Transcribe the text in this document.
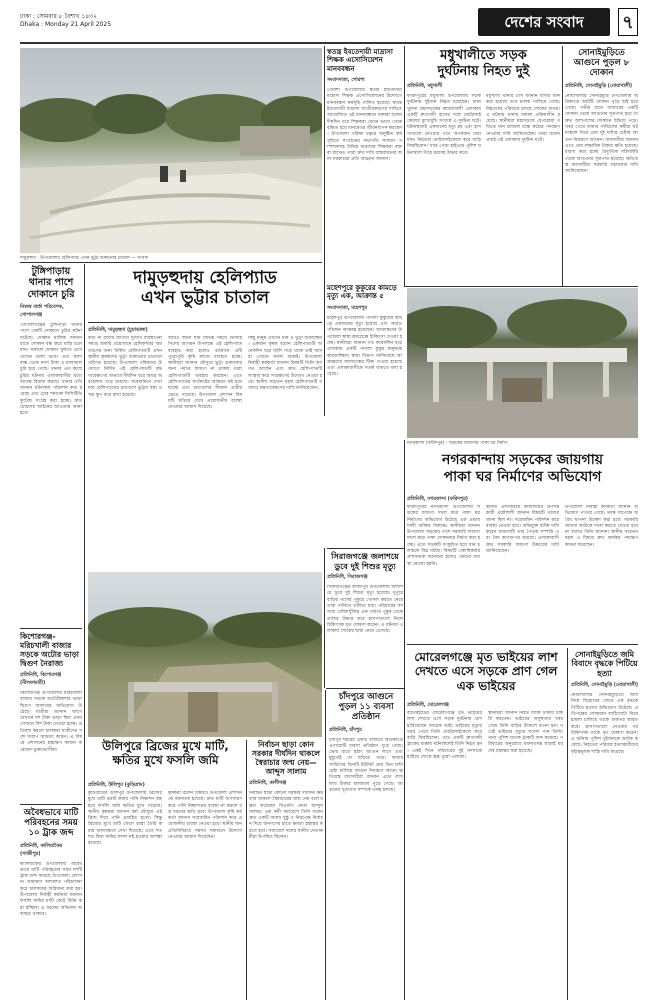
ঢাকা : সোমবার ৮ বৈশাখ ১৪৩২
Dhaka : Monday 21 April 2025	দেশের সংবাদ	৭
দামুড়হুদা : উপজেলার হেলিপ্যাড এখন ভুট্টা শুকানোর চাতাল — সংবাদ
স্বতন্ত্র ইবতেদায়ী মাদ্রাসা শিক্ষক এসোসিয়েশন মানববন্ধন
সংবাদদাতা, পোরশা
পোরশা উপজেলার স্বতন্ত্র ইবতেদায়ী মাদ্রাসা শিক্ষক এসোসিয়েশনের উদ্যোগে মানববন্ধন কর্মসূচি পালিত হয়েছে। স্বতন্ত্র ইবতেদায়ী মাদ্রাসা জাতীয়করণের দাবিতে আয়োজিত এই মানববন্ধনে বক্তারা বলেন দীর্ঘদিন ধরে শিক্ষকরা বেতন ভাতা থেকে বঞ্চিত হয়ে মানবেতর জীবনযাপন করছেন। উপজেলা পরিষদ চত্বরে অনুষ্ঠিত কর্মসূচিতে সংগঠনের সভাপতি সাধারণ সম্পাদকসহ বিভিন্ন মাদ্রাসার শিক্ষকরা বক্তব্য রাখেন। তারা দ্রুত দাবি বাস্তবায়নের জন্য সরকারের প্রতি আহ্বান জানান।
মহেশপুরে কুকুরের কামড়ে মৃত্যু এক, আক্রান্ত ৫
সংবাদদাতা, মহেশপুর
মহেশপুর উপজেলায় পাগলা কুকুরের কামড়ে একজনের মৃত্যু হয়েছে এবং আরও পাঁচজন আক্রান্ত হয়েছেন। আক্রান্তদের উপজেলা স্বাস্থ্য কমপ্লেক্সে চিকিৎসা দেওয়া হচ্ছে। স্থানীয়রা জানান গত কয়েকদিন ধরে এলাকায় একটি পাগলা কুকুর মানুষকে কামড়াচ্ছিল। স্বাস্থ্য বিভাগ জানিয়েছে আক্রান্তদের জলাতঙ্কের টিকা দেওয়া হয়েছে এবং এলাকাবাসীকে সতর্ক থাকতে বলা হয়েছে।
মধুখালীতে সড়ক
দুর্ঘটনায় নিহত দুই
প্রতিনিধি, মধুখালী
ফরিদপুরের মধুখালী উপজেলায় সড়ক দুর্ঘটনায় দুইজন নিহত হয়েছেন। ঢাকা খুলনা মহাসড়কের কামারখালী এলাকায় একটি দ্রুতগামী বাসের সঙ্গে মোটরসাইকেলের মুখোমুখি সংঘর্ষে এ দুর্ঘটনা ঘটে। ঘটনাস্থলেই একজনের মৃত্যু হয় এবং হাসপাতালে নেওয়ার পথে অপরজন মারা যান। নিহতরা মোটরসাইকেলে করে বাড়ি ফিরছিলেন। খবর পেয়ে হাইওয়ে পুলিশ ঘটনাস্থলে গিয়ে মরদেহ উদ্ধার করে।
মধুখালী থানার ওসি জানান বাসটি জব্দ করা হয়েছে তবে চালক পালিয়ে গেছে। নিহতদের পরিবারে চলছে শোকের মাতম। এ ঘটনায় থানায় মামলা প্রক্রিয়াধীন রয়েছে। স্থানীয়রা মহাসড়কে বেপরোয়া গতিতে যান চলাচল বন্ধে কঠোর পদক্ষেপ নেওয়ার দাবি জানিয়েছেন। তারা বলেন প্রায়ই এই এলাকায় দুর্ঘটনা ঘটে।
সোনাইমুড়িতে আগুনে পুড়ল ৮ দোকান
প্রতিনিধি, সোনাইমুড়ি (নোয়াখালী)
নোয়াখালীর সোনাইমুড়ি উপজেলায় অগ্নিকাণ্ডে আটটি দোকান পুড়ে ছাই হয়ে গেছে। গভীর রাতে বাজারের একটি দোকান থেকে আগুনের সূত্রপাত হয়ে তা দ্রুত আশপাশের দোকানে ছড়িয়ে পড়ে। খবর পেয়ে ফায়ার সার্ভিসের কর্মীরা ঘটনাস্থলে গিয়ে প্রায় দুই ঘণ্টার চেষ্টায় আগুন নিয়ন্ত্রণে আনেন। ব্যবসায়ীরা জানান এতে প্রায় লক্ষাধিক টাকার ক্ষতি হয়েছে। ধারণা করা হচ্ছে বৈদ্যুতিক শর্টসার্কিট থেকে আগুনের সূত্রপাত হয়েছে। ক্ষতিগ্রস্ত ব্যবসায়ীরা সরকারি সহায়তার দাবি জানিয়েছেন।
দামুড়হুদায় হেলিপ্যাড
এখন ভুট্টার চাতাল
প্রতিনিধি, দামুড়হুদা (চুয়াডাঙ্গা)
কথা না রাখার জাতীয় দুর্যোগ ব্যবস্থাপনা সময়ে জরুরি প্রয়োজনে হেলিকপ্টার অবতরণের জন্য নির্মিত হেলিপ্যাডটি এখন স্থানীয় কৃষকদের ভুট্টা শুকানোর চাতালে পরিণত হয়েছে। উপজেলা পরিষদের উদ্যোগে নির্মিত এই হেলিপ্যাডটি রক্ষণাবেক্ষণের অভাবে দীর্ঘদিন ধরে অযত্ন অবহেলায় পড়ে রয়েছে। সরেজমিনে দেখা যায় হেলিপ্যাডের চারপাশে ভুট্টার বস্তা ও খড় স্তূপ করে রাখা হয়েছে।
আরও জানা যায় বিভিন্ন সময়ে ভিআইপিদের আগমন উপলক্ষে এই হেলিপ্যাড ব্যবহার করা হলেও বর্তমানে এটি পুরোপুরি কৃষি কাজে ব্যবহৃত হচ্ছে। স্থানীয়রা জানান মৌসুমে ভুট্টা শুকানোর জন্য পর্যাপ্ত জায়গা না থাকায় তারা হেলিপ্যাডটি ব্যবহার করছেন। এতে হেলিপ্যাডের কংক্রিটের আস্তরণ নষ্ট হয়ে যাচ্ছে এবং চারপাশের সীমানা প্রাচীর ভেঙে পড়েছে। উপজেলা প্রশাসন বিষয়টি খতিয়ে দেখে প্রয়োজনীয় ব্যবস্থা নেওয়ার আশ্বাস দিয়েছে।
কিছু মানুষ এখানে ধান ও ভুট্টা শুকাচ্ছেন। একজন কৃষক বলেন হেলিপ্যাডটি অনেকদিন ধরে খালি পড়ে থাকে তাই আমরা এখানে ফসল শুকাই। উপজেলা নির্বাহী কর্মকর্তা জানান বিষয়টি তিনি অবগত আছেন এবং দ্রুত হেলিপ্যাডটি সংস্কার করে সংরক্ষণের উদ্যোগ নেওয়া হবে। স্থানীয় সচেতন মহল হেলিপ্যাডটি যথাযথ রক্ষণাবেক্ষণের দাবি জানিয়েছেন।
টুঙ্গিপাড়ায় থানার পাশে দোকানে চুরি
নিজস্ব বার্তা পরিবেশক, গোপালগঞ্জ
গোপালগঞ্জের টুঙ্গিপাড়া থানার পাশে একটি দোকানে চুরির ঘটনা ঘটেছে। দোকান মালিক জানান রাতে দোকান বন্ধ করে বাড়ি চলে যান। সকালে দোকান খুলতে এসে দেখেন তালা ভাঙা এবং ক্যাশ বাক্স থেকে নগদ টাকা ও মালামাল চুরি হয়ে গেছে। থানার এত কাছে চুরির ঘটনায় এলাকাবাসীর মধ্যে আতঙ্ক বিরাজ করছে। থানার ওসি জানান ঘটনাস্থল পরিদর্শন করা হয়েছে এবং চোর শনাক্তে সিসিটিভি ফুটেজ সংগ্রহ করা হচ্ছে। দ্রুত চোরদের আইনের আওতায় আনা হবে।
কিশোরগঞ্জ-মরিচখালী বাজার সড়কে অটোর ভাড়া দ্বিগুণ নৈরাজ্য
প্রতিনিধি, কিশোরগঞ্জ (নীলফামারী)
কিশোরগঞ্জ উপজেলার মরিচখালী বাজার সড়কে অটোরিকশার ভাড়া দ্বিগুণ আদায়ের অভিযোগ উঠেছে। যাত্রীরা জানান আগে যেখানে দশ টাকা ভাড়া ছিল এখন সেখানে বিশ টাকা নেওয়া হচ্ছে। প্রতিবাদ করলে চালকরা যাত্রীদের সঙ্গে খারাপ আচরণ করেন। এ বিষয়ে প্রশাসনের হস্তক্ষেপ কামনা করেছেন ভুক্তভোগীরা।
অবৈধভাবে মাটি পরিবহনের সময় ১০ ট্রাক জব্দ
প্রতিনিধি, কালিয়াকৈর (গাজীপুর)
কালিয়াকৈর উপজেলায় অবৈধভাবে মাটি পরিবহনের সময় দশটি ট্রাক জব্দ করেছে উপজেলা প্রশাসন। ভ্রাম্যমাণ আদালত পরিচালনা করে চালকদের জরিমানা করা হয়। উপজেলা নির্বাহী কর্মকর্তা জানান ফসলি জমির মাটি কেটে বিক্রি করা হচ্ছিল। এ ধরনের অভিযান অব্যাহত থাকবে।
নগরকান্দা (ফরিদপুর) : সড়কের জায়গায় পাকা ঘর নির্মাণ
নগরকান্দায় সড়কের জায়গায়
পাকা ঘর নির্মাণের অভিযোগ
প্রতিনিধি, নগরকান্দা (ফরিদপুর)
ফরিদপুরের নগরকান্দা উপজেলায় সড়কের জায়গা দখল করে পাকা ঘর নির্মাণের অভিযোগ উঠেছে এক প্রভাবশালী ব্যক্তির বিরুদ্ধে। স্থানীয়রা জানান উপজেলা সড়কের পাশে সরকারি জায়গা দখল করে পাকা দোকানঘর নির্মাণ করা হচ্ছে। এতে সড়কটি সংকুচিত হয়ে যান চলাচলে বিঘ্ন ঘটছে। বিষয়টি একাধিকবার প্রশাসনকে জানানো হলেও কোনো ব্যবস্থা নেওয়া হয়নি।
স্থানীয় এলজিইডি কার্যালয়ের উপসহকারী প্রকৌশলী জানান বিষয়টি তাদের জানা ছিল না। সরেজমিন পরিদর্শন করে ব্যবস্থা নেওয়া হবে। অভিযুক্ত ব্যক্তি দাবি করেন জায়গাটি তার পৈতৃক সম্পত্তি এবং বৈধ কাগজপত্র রয়েছে। এলাকাবাসী দ্রুত সরকারি জায়গা উদ্ধারের দাবি জানিয়েছেন।
উপজেলা নির্বাহী কর্মকর্তা জানান অভিযোগ পাওয়া গেছে। তদন্ত সাপেক্ষে অবৈধ স্থাপনা উচ্ছেদ করা হবে। সরকারি জায়গা কাউকে দখল করতে দেওয়া হবে না বলেও তিনি জানান। স্থানীয় সচেতন মহল এ বিষয়ে দ্রুত কার্যকর পদক্ষেপ কামনা করেছেন।
সিরাজগঞ্জে জলাশয়ে ডুবে দুই শিশুর মৃত্যু
প্রতিনিধি, সিরাজগঞ্জ
সিরাজগঞ্জের কাজীপুর উপজেলায় জলাশয়ে ডুবে দুই শিশুর মৃত্যু হয়েছে। দুপুরে বাড়ির পাশের পুকুরে গোসল করতে নেমে তারা পানিতে তলিয়ে যায়। পরিবারের সদস্যরা খোঁজাখুঁজির এক পর্যায়ে পুকুর থেকে তাদের উদ্ধার করে হাসপাতালে নিলে চিকিৎসক মৃত ঘোষণা করেন। এ ঘটনায় এলাকায় শোকের ছায়া নেমে এসেছে।
উলিপুরে ব্রিজের মুখে মাটি, ক্ষতির মুখে ফসলি জমি
প্রতিনিধি, উলিপুর (কুড়িগ্রাম)
কুড়িগ্রামের উলিপুর উপজেলায় ব্রিজের মুখে মাটি ভরাট করায় পানি নিষ্কাশন বন্ধ হয়ে ফসলি জমি ক্ষতির মুখে পড়েছে। স্থানীয় কৃষকরা জানান বর্ষা মৌসুমে এই ব্রিজ দিয়ে পানি প্রবাহিত হতো। কিন্তু ব্রিজের মুখে মাটি ফেলে রাস্তা তৈরি করায় জলাবদ্ধতা দেখা দিয়েছে। এতে শত শত বিঘা জমির ফসল নষ্ট হওয়ার আশঙ্কা রয়েছে।
কৃষকরা বলেন বিষয়টি উপজেলা প্রশাসনকে জানানো হয়েছে। দ্রুত মাটি অপসারণ করে পানি নিষ্কাশনের ব্যবস্থা না করলে বড় ধরনের ক্ষতি হবে। উপজেলা কৃষি কর্মকর্তা জানান সরেজমিন পরিদর্শন করে প্রয়োজনীয় ব্যবস্থা নেওয়া হবে। স্থানীয় জনপ্রতিনিধিরাও সমস্যা সমাধানে উদ্যোগ নেওয়ার আশ্বাস দিয়েছেন।
নির্বাচন ছাড়া কোন সরকার দীর্ঘদিন থাকলে স্বৈরাচার জন্ম নেয়—আব্দুস সালাম
প্রতিনিধি, কালীগঞ্জ
নির্বাচন ছাড়া কোনো সরকার দীর্ঘদিন ক্ষমতায় থাকলে স্বৈরাচারের জন্ম নেয় বলে মন্তব্য করেছেন বিএনপি নেতা আব্দুস সালাম। এক কর্মী সমাবেশে তিনি বলেন দ্রুত একটি অবাধ সুষ্ঠু ও নিরপেক্ষ নির্বাচন দিয়ে জনগণের হাতে ক্ষমতা হস্তান্তর করতে হবে। সমাবেশে দলের স্থানীয় নেতাকর্মীরা উপস্থিত ছিলেন।
চাঁদপুরে আগুনে পুড়ল ১১ ব্যবসা প্রতিষ্ঠান
প্রতিনিধি, চাঁদপুর
চাঁদপুর শহরের একটি বাজারে অগ্নিকাণ্ডে এগারোটি ব্যবসা প্রতিষ্ঠান পুড়ে গেছে। ভোর রাতে হঠাৎ আগুন লাগে এবং মুহূর্তেই তা ছড়িয়ে পড়ে। ফায়ার সার্ভিসের তিনটি ইউনিট প্রায় তিন ঘণ্টা চেষ্টা চালিয়ে আগুন নিয়ন্ত্রণে আনে। ক্ষতিগ্রস্ত ব্যবসায়ীরা জানান এতে লাখ লাখ টাকার মালামাল পুড়ে গেছে। আগুনের সূত্রপাত সম্পর্কে তদন্ত চলছে।
মোরেলগঞ্জে মৃত ভাইয়ের লাশ দেখতে এসে সড়কে প্রাণ গেল এক ভাইয়ের
প্রতিনিধি, মোরেলগঞ্জ
বাগেরহাটের মোরেলগঞ্জে মৃত ভাইয়ের লাশ দেখতে এসে সড়ক দুর্ঘটনায় প্রাণ হারিয়েছেন আরেক ভাই। ভাইয়ের মৃত্যুর খবর পেয়ে তিনি মোটরসাইকেলে করে বাড়ি ফিরছিলেন। পথে একটি দ্রুতগামী ট্রাকের ধাক্কায় ঘটনাস্থলেই তিনি নিহত হন। একই দিনে পরিবারের দুই সদস্যকে হারিয়ে শোকে স্তব্ধ পুরো এলাকা।
স্থানীয়রা জানান নিহত ব্যক্তি ঢাকায় চাকরি করতেন। ভাইয়ের অসুস্থতার খবর পেয়ে তিনি বাড়ির উদ্দেশে রওনা হন। পথেই ভাইয়ের মৃত্যুর সংবাদ পান তিনি। থানা পুলিশ ঘাতক ট্রাকটি জব্দ করেছে। পরিবারের অনুরোধে ময়নাতদন্ত ছাড়াই মরদেহ হস্তান্তর করা হয়েছে।
সোনাইমুড়িতে জমি বিবাদে বৃদ্ধকে পিটিয়ে হত্যা
প্রতিনিধি, সোনাইমুড়ি (নোয়াখালী)
নোয়াখালীর সোনাইমুড়িতে জমি নিয়ে বিরোধের জেরে এক বৃদ্ধকে পিটিয়ে হত্যার অভিযোগ উঠেছে। প্রতিপক্ষের লোকজন লাঠিসোটা নিয়ে হামলা চালিয়ে তাকে গুরুতর আহত করে। হাসপাতালে নেওয়ার পর চিকিৎসক তাকে মৃত ঘোষণা করেন। এ ঘটনায় পুলিশ দুইজনকে আটক করেছে। নিহতের পরিবার হত্যাকারীদের দৃষ্টান্তমূলক শাস্তি দাবি করেছে।
